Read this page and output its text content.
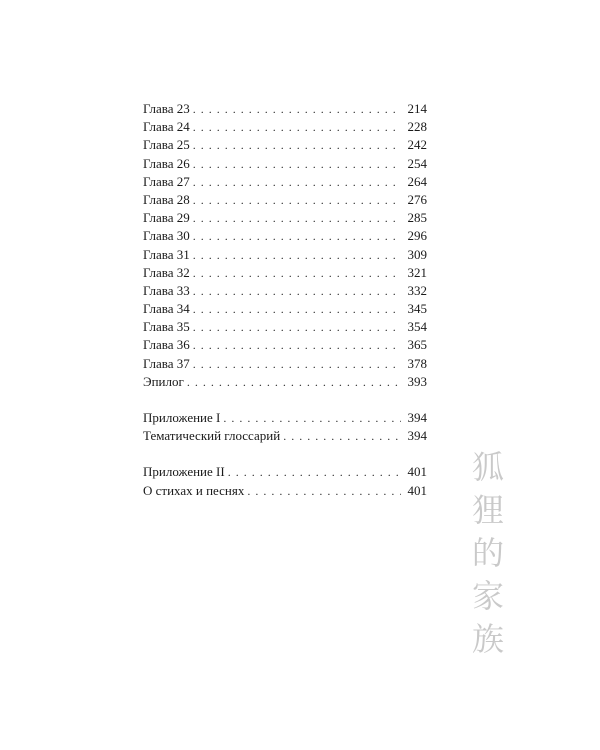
Глава 23 . . .	214
Глава 24 . . .	228
Глава 25 . . .	242
Глава 26 . . .	254
Глава 27 . . .	264
Глава 28 . . .	276
Глава 29 . . .	285
Глава 30 . . .	296
Глава 31 . . .	309
Глава 32 . . .	321
Глава 33 . . .	332
Глава 34 . . .	345
Глава 35 . . .	354
Глава 36 . . .	365
Глава 37 . . .	378
Эпилог . . .	393
Приложение I . . .	394
Тематический глоссарий . . .	394
Приложение II . . .	401
О стихах и песнях . . .	401
狐
狸
的
家
族
